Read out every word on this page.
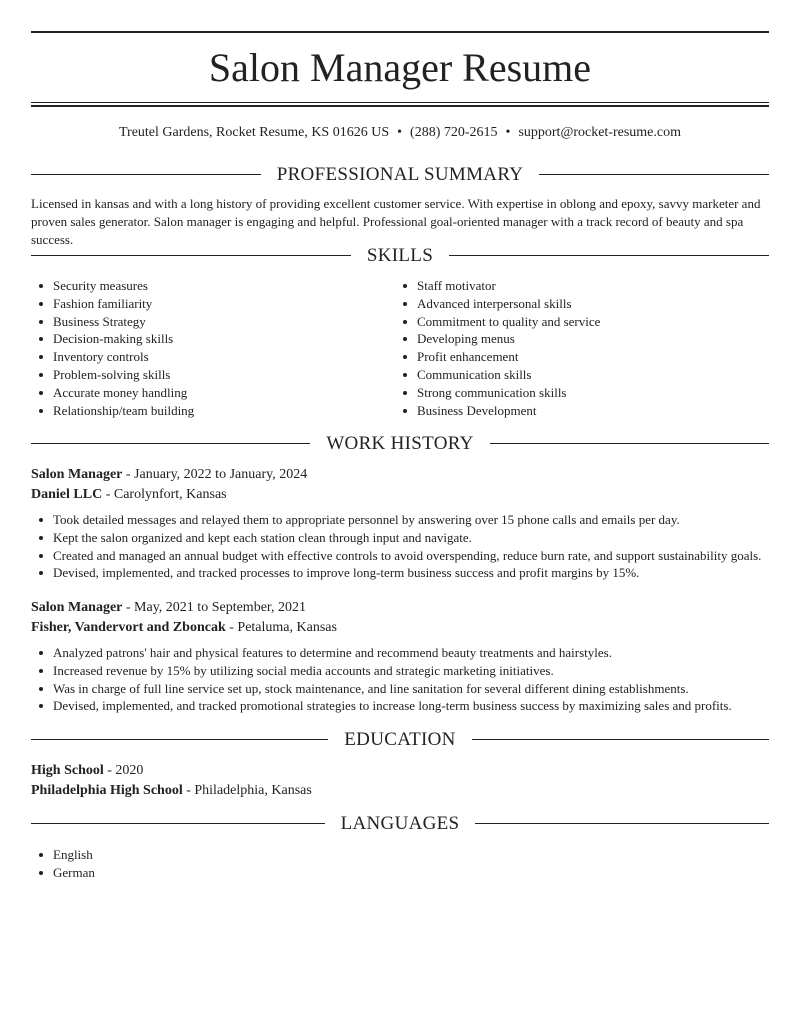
Salon Manager Resume
Treutel Gardens, Rocket Resume, KS 01626 US • (288) 720-2615 • support@rocket-resume.com
PROFESSIONAL SUMMARY
Licensed in kansas and with a long history of providing excellent customer service. With expertise in oblong and epoxy, savvy marketer and proven sales generator. Salon manager is engaging and helpful. Professional goal-oriented manager with a track record of beauty and spa success.
SKILLS
Security measures
Fashion familiarity
Business Strategy
Decision-making skills
Inventory controls
Problem-solving skills
Accurate money handling
Relationship/team building
Staff motivator
Advanced interpersonal skills
Commitment to quality and service
Developing menus
Profit enhancement
Communication skills
Strong communication skills
Business Development
WORK HISTORY
Salon Manager - January, 2022 to January, 2024
Daniel LLC - Carolynfort, Kansas
Took detailed messages and relayed them to appropriate personnel by answering over 15 phone calls and emails per day.
Kept the salon organized and kept each station clean through input and navigate.
Created and managed an annual budget with effective controls to avoid overspending, reduce burn rate, and support sustainability goals.
Devised, implemented, and tracked processes to improve long-term business success and profit margins by 15%.
Salon Manager - May, 2021 to September, 2021
Fisher, Vandervort and Zboncak - Petaluma, Kansas
Analyzed patrons' hair and physical features to determine and recommend beauty treatments and hairstyles.
Increased revenue by 15% by utilizing social media accounts and strategic marketing initiatives.
Was in charge of full line service set up, stock maintenance, and line sanitation for several different dining establishments.
Devised, implemented, and tracked promotional strategies to increase long-term business success by maximizing sales and profits.
EDUCATION
High School - 2020
Philadelphia High School - Philadelphia, Kansas
LANGUAGES
English
German
